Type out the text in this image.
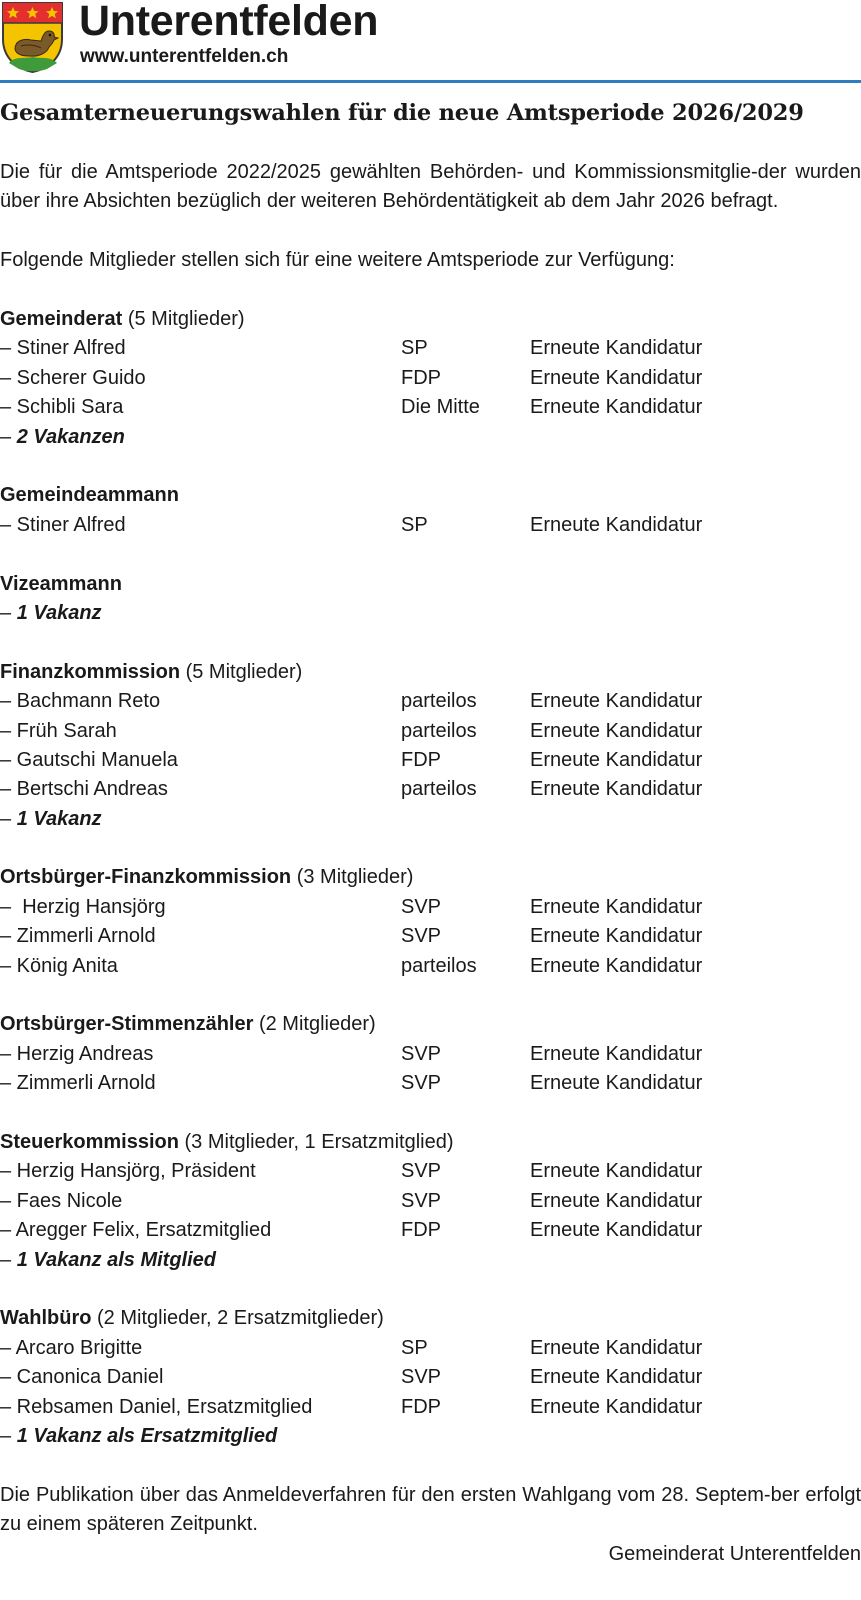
Unterentfelden
www.unterentfelden.ch
Gesamterneuerungswahlen für die neue Amtsperiode 2026/2029

Die für die Amtsperiode 2022/2025 gewählten Behörden- und Kommissionsmitglie-der wurden über ihre Absichten bezüglich der weiteren Behördentätigkeit ab dem Jahr 2026 befragt.

Folgende Mitglieder stellen sich für eine weitere Amtsperiode zur Verfügung:

Gemeinderat (5 Mitglieder)
– Stiner Alfred	SP	Erneute Kandidatur
– Scherer Guido	FDP	Erneute Kandidatur
– Schibli Sara	Die Mitte	Erneute Kandidatur
– 2 Vakanzen
Gemeindeammann
– Stiner Alfred	SP	Erneute Kandidatur
Vizeammann
– 1 Vakanz
Finanzkommission (5 Mitglieder)
– Bachmann Reto	parteilos	Erneute Kandidatur
– Früh Sarah	parteilos	Erneute Kandidatur
– Gautschi Manuela	FDP	Erneute Kandidatur
– Bertschi Andreas	parteilos	Erneute Kandidatur
– 1 Vakanz
Ortsbürger-Finanzkommission (3 Mitglieder)
–  Herzig Hansjörg	SVP	Erneute Kandidatur
– Zimmerli Arnold	SVP	Erneute Kandidatur
– König Anita	parteilos	Erneute Kandidatur
Ortsbürger-Stimmenzähler (2 Mitglieder)
– Herzig Andreas	SVP	Erneute Kandidatur
– Zimmerli Arnold	SVP	Erneute Kandidatur
Steuerkommission (3 Mitglieder, 1 Ersatzmitglied)
– Herzig Hansjörg, Präsident	SVP	Erneute Kandidatur
– Faes Nicole	SVP	Erneute Kandidatur
– Aregger Felix, Ersatzmitglied	FDP	Erneute Kandidatur
– 1 Vakanz als Mitglied
Wahlbüro (2 Mitglieder, 2 Ersatzmitglieder)
– Arcaro Brigitte	SP	Erneute Kandidatur
– Canonica Daniel	SVP	Erneute Kandidatur
– Rebsamen Daniel, Ersatzmitglied	FDP	Erneute Kandidatur
– 1 Vakanz als Ersatzmitglied

Die Publikation über das Anmeldeverfahren für den ersten Wahlgang vom 28. Septem-ber erfolgt zu einem späteren Zeitpunkt.

Gemeinderat Unterentfelden
